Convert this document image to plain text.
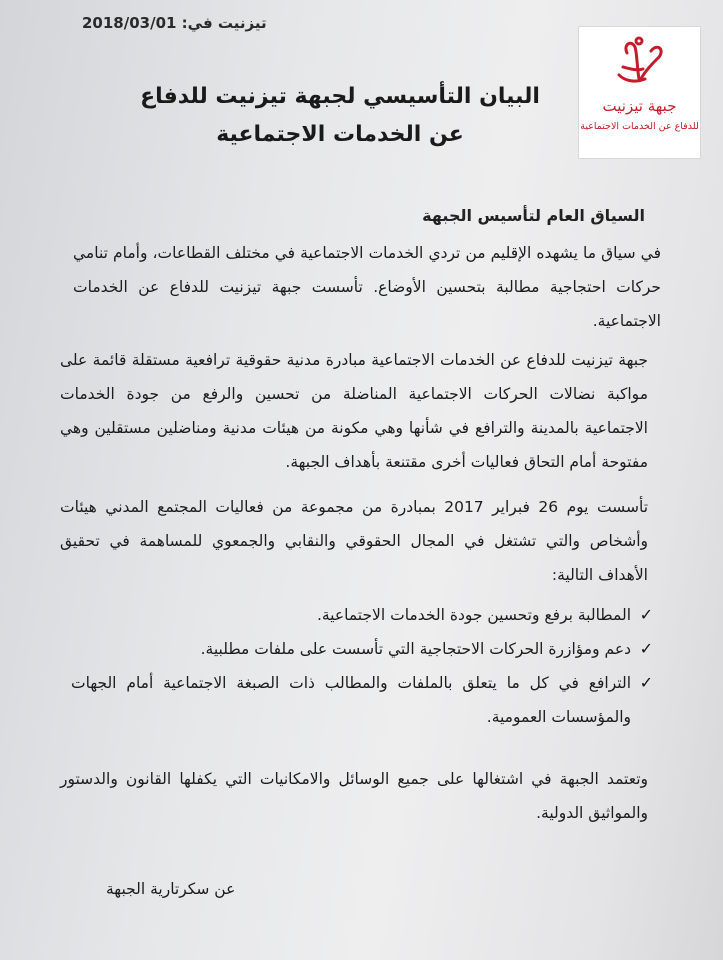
تيزنيت في: 2018/03/01
جبهة تيزنيت
للدفاع عن الخدمات الاجتماعية
البيان التأسيسي لجبهة تيزنيت للدفاع
عن الخدمات الاجتماعية
السياق العام لتأسيس الجبهة
في سياق ما يشهده الإقليم من تردي الخدمات الاجتماعية في مختلف القطاعات، وأمام تنامي حركات احتجاجية مطالبة بتحسين الأوضاع. تأسست جبهة تيزنيت للدفاع عن الخدمات الاجتماعية.
جبهة تيزنيت للدفاع عن الخدمات الاجتماعية مبادرة مدنية حقوقية ترافعية مستقلة قائمة على مواكبة نضالات الحركات الاجتماعية المناضلة من تحسين والرفع من جودة الخدمات الاجتماعية بالمدينة والترافع في شأنها وهي مكونة من هيئات مدنية ومناضلين مستقلين وهي مفتوحة أمام التحاق فعاليات أخرى مقتنعة بأهداف الجبهة.
تأسست يوم 26 فبراير 2017 بمبادرة من مجموعة من فعاليات المجتمع المدني هيئات وأشخاص والتي تشتغل في المجال الحقوقي والنقابي والجمعوي للمساهمة في تحقيق الأهداف التالية:
✓
المطالبة برفع وتحسين جودة الخدمات الاجتماعية.
✓
دعم ومؤازرة الحركات الاحتجاجية التي تأسست على ملفات مطلبية.
✓
الترافع في كل ما يتعلق بالملفات والمطالب ذات الصبغة الاجتماعية أمام الجهات والمؤسسات العمومية.
وتعتمد الجبهة في اشتغالها على جميع الوسائل والامكانيات التي يكفلها القانون والدستور والمواثيق الدولية.
عن سكرتارية الجبهة
